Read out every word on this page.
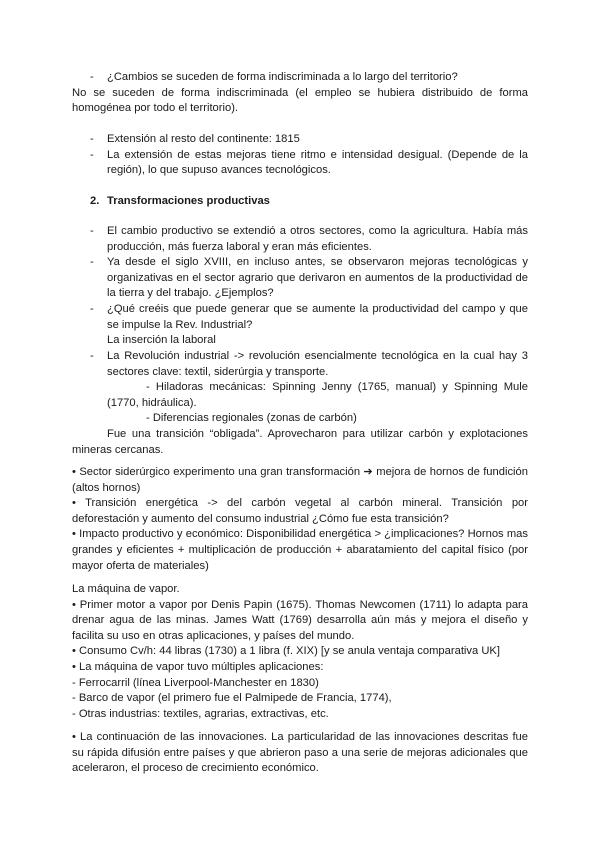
- ¿Cambios se suceden de forma indiscriminada a lo largo del territorio?

No se suceden de forma indiscriminada (el empleo se hubiera distribuido de forma homogénea por todo el territorio).

- Extensión al resto del continente: 1815

- La extensión de estas mejoras tiene ritmo e intensidad desigual. (Depende de la región), lo que supuso avances tecnológicos.

2. Transformaciones productivas

- El cambio productivo se extendió a otros sectores, como la agricultura. Había más producción, más fuerza laboral y eran más eficientes.

- Ya desde el siglo XVIII, en incluso antes, se observaron mejoras tecnológicas y organizativas en el sector agrario que derivaron en aumentos de la productividad de la tierra y del trabajo. ¿Ejemplos?

- ¿Qué creéis que puede generar que se aumente la productividad del campo y que se impulse la Rev. Industrial?

La inserción la laboral

- La Revolución industrial -> revolución esencialmente tecnológica en la cual hay 3 sectores clave: textil, siderúrgia y transporte.

- Hiladoras mecánicas: Spinning Jenny (1765, manual) y Spinning Mule (1770, hidráulica).

- Diferencias regionales (zonas de carbón)

Fue una transición “obligada”. Aprovecharon para utilizar carbón y explotaciones mineras cercanas.

• Sector siderúrgico experimento una gran transformación ➔ mejora de hornos de fundición (altos hornos)

• Transición energética -> del carbón vegetal al carbón mineral. Transición por deforestación y aumento del consumo industrial ¿Cómo fue esta transición?

• Impacto productivo y económico: Disponibilidad energética > ¿implicaciones? Hornos mas grandes y eficientes + multiplicación de producción + abaratamiento del capital físico (por mayor oferta de materiales)

La máquina de vapor.

• Primer motor a vapor por Denis Papin (1675). Thomas Newcomen (1711) lo adapta para drenar agua de las minas. James Watt (1769) desarrolla aún más y mejora el diseño y facilita su uso en otras aplicaciones, y países del mundo.

• Consumo Cv/h: 44 libras (1730) a 1 libra (f. XIX) [y se anula ventaja comparativa UK]

• La máquina de vapor tuvo múltiples aplicaciones:

- Ferrocarril (línea Liverpool-Manchester en 1830)

- Barco de vapor (el primero fue el Palmipede de Francia, 1774),

- Otras industrias: textiles, agrarias, extractivas, etc.

• La continuación de las innovaciones. La particularidad de las innovaciones descritas fue su rápida difusión entre países y que abrieron paso a una serie de mejoras adicionales que aceleraron, el proceso de crecimiento económico.
